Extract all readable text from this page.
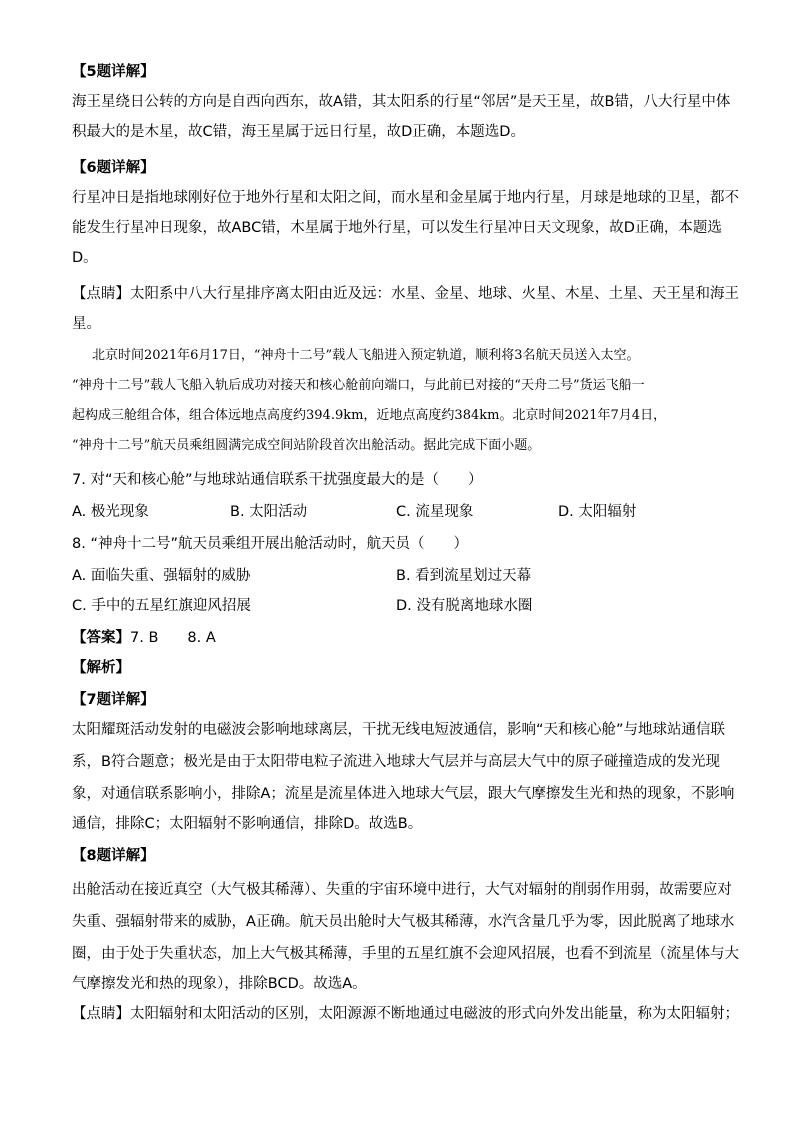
【5题详解】
海王星绕日公转的方向是自西向西东，故A错，其太阳系的行星“邻居”是天王星，故B错，八大行星中体
积最大的是木星，故C错，海王星属于远日行星，故D正确，本题选D。
【6题详解】
行星冲日是指地球刚好位于地外行星和太阳之间，而水星和金星属于地内行星，月球是地球的卫星，都不
能发生行星冲日现象，故ABC错，木星属于地外行星，可以发生行星冲日天文现象，故D正确，本题选
D。
【点睛】太阳系中八大行星排序离太阳由近及远：水星、金星、地球、火星、木星、土星、天王星和海王
星。
北京时间2021年6月17日，“神舟十二号”载人飞船进入预定轨道，顺利将3名航天员送入太空。
“神舟十二号”载人飞船入轨后成功对接天和核心舱前向端口，与此前已对接的“天舟二号”货运飞船一
起构成三舱组合体，组合体远地点高度约394.9km，近地点高度约384km。北京时间2021年7月4日，
“神舟十二号”航天员乘组圆满完成空间站阶段首次出舱活动。据此完成下面小题。
7. 对“天和核心舱”与地球站通信联系干扰强度最大的是（　　）
A. 极光现象	B. 太阳活动	C. 流星现象	D. 太阳辐射
8. “神舟十二号”航天员乘组开展出舱活动时，航天员（　　）
A. 面临失重、强辐射的威胁	B. 看到流星划过天幕
C. 手中的五星红旗迎风招展	D. 没有脱离地球水圈
【答案】7. B　　8. A
【解析】
【7题详解】
太阳耀斑活动发射的电磁波会影响地球离层，干扰无线电短波通信，影响“天和核心舱”与地球站通信联
系，B符合题意；极光是由于太阳带电粒子流进入地球大气层并与高层大气中的原子碰撞造成的发光现
象，对通信联系影响小，排除A；流星是流星体进入地球大气层，跟大气摩擦发生光和热的现象，不影响
通信，排除C；太阳辐射不影响通信，排除D。故选B。
【8题详解】
出舱活动在接近真空（大气极其稀薄）、失重的宇宙环境中进行，大气对辐射的削弱作用弱，故需要应对
失重、强辐射带来的威胁，A正确。航天员出舱时大气极其稀薄，水汽含量几乎为零，因此脱离了地球水
圈，由于处于失重状态，加上大气极其稀薄，手里的五星红旗不会迎风招展，也看不到流星（流星体与大
气摩擦发光和热的现象），排除BCD。故选A。
【点睛】太阳辐射和太阳活动的区别，太阳源源不断地通过电磁波的形式向外发出能量，称为太阳辐射；
